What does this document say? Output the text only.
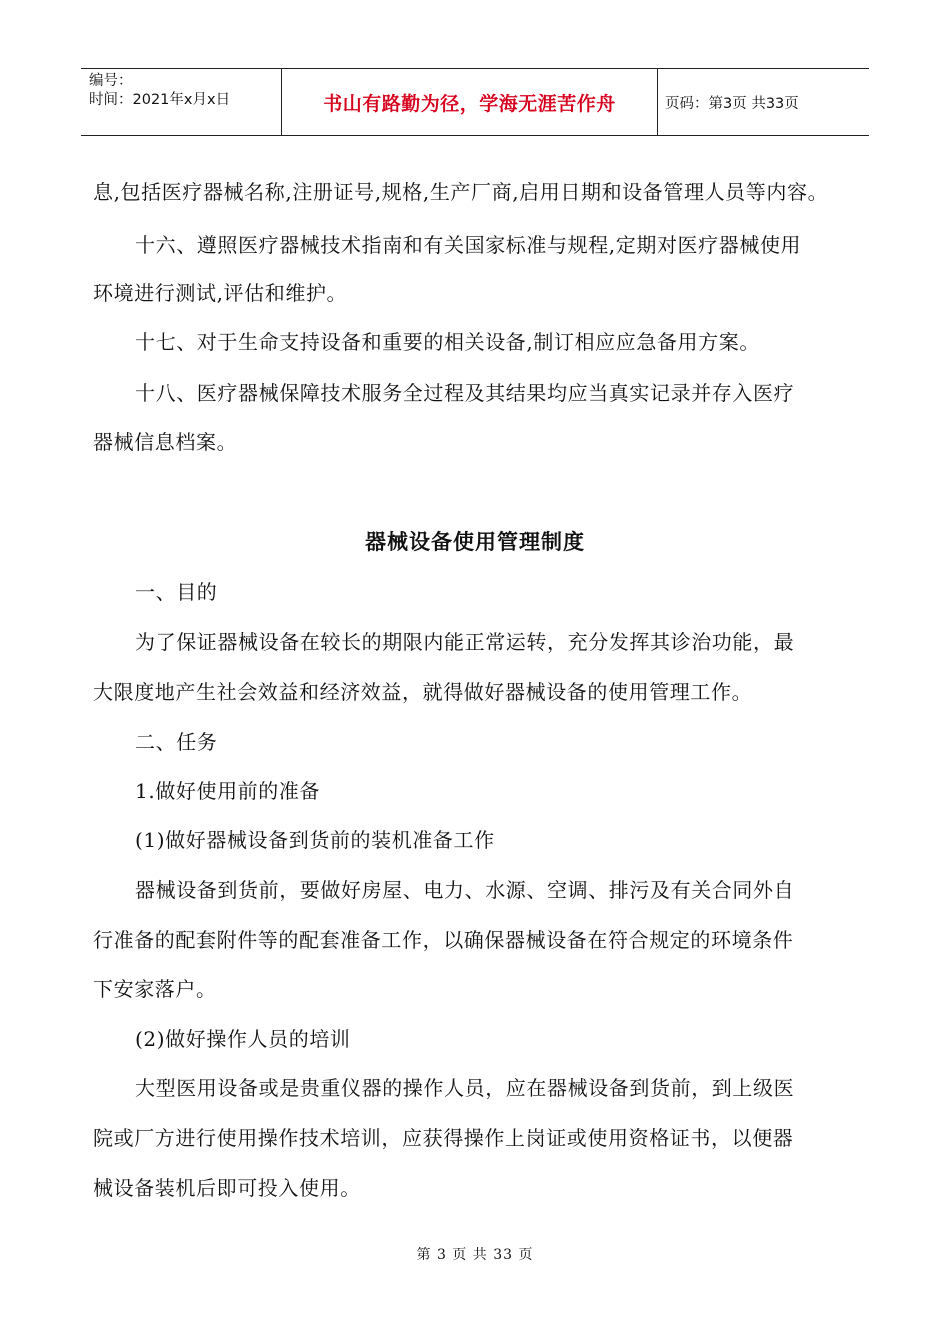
编号：
时间：2021年x月x日	书山有路勤为径，学海无涯苦作舟	页码：第3页 共33页

息,包括医疗器械名称,注册证号,规格,生产厂商,启用日期和设备管理人员等内容。

十六、遵照医疗器械技术指南和有关国家标准与规程,定期对医疗器械使用

环境进行测试,评估和维护。

十七、对于生命支持设备和重要的相关设备,制订相应应急备用方案。

十八、医疗器械保障技术服务全过程及其结果均应当真实记录并存入医疗

器械信息档案。

器械设备使用管理制度

一、目的

为了保证器械设备在较长的期限内能正常运转，充分发挥其诊治功能，最

大限度地产生社会效益和经济效益，就得做好器械设备的使用管理工作。

二、任务

1.做好使用前的准备

(1)做好器械设备到货前的装机准备工作

器械设备到货前，要做好房屋、电力、水源、空调、排污及有关合同外自

行准备的配套附件等的配套准备工作，以确保器械设备在符合规定的环境条件

下安家落户。

(2)做好操作人员的培训

大型医用设备或是贵重仪器的操作人员，应在器械设备到货前，到上级医

院或厂方进行使用操作技术培训，应获得操作上岗证或使用资格证书，以便器

械设备装机后即可投入使用。

第 3 页 共 33 页
